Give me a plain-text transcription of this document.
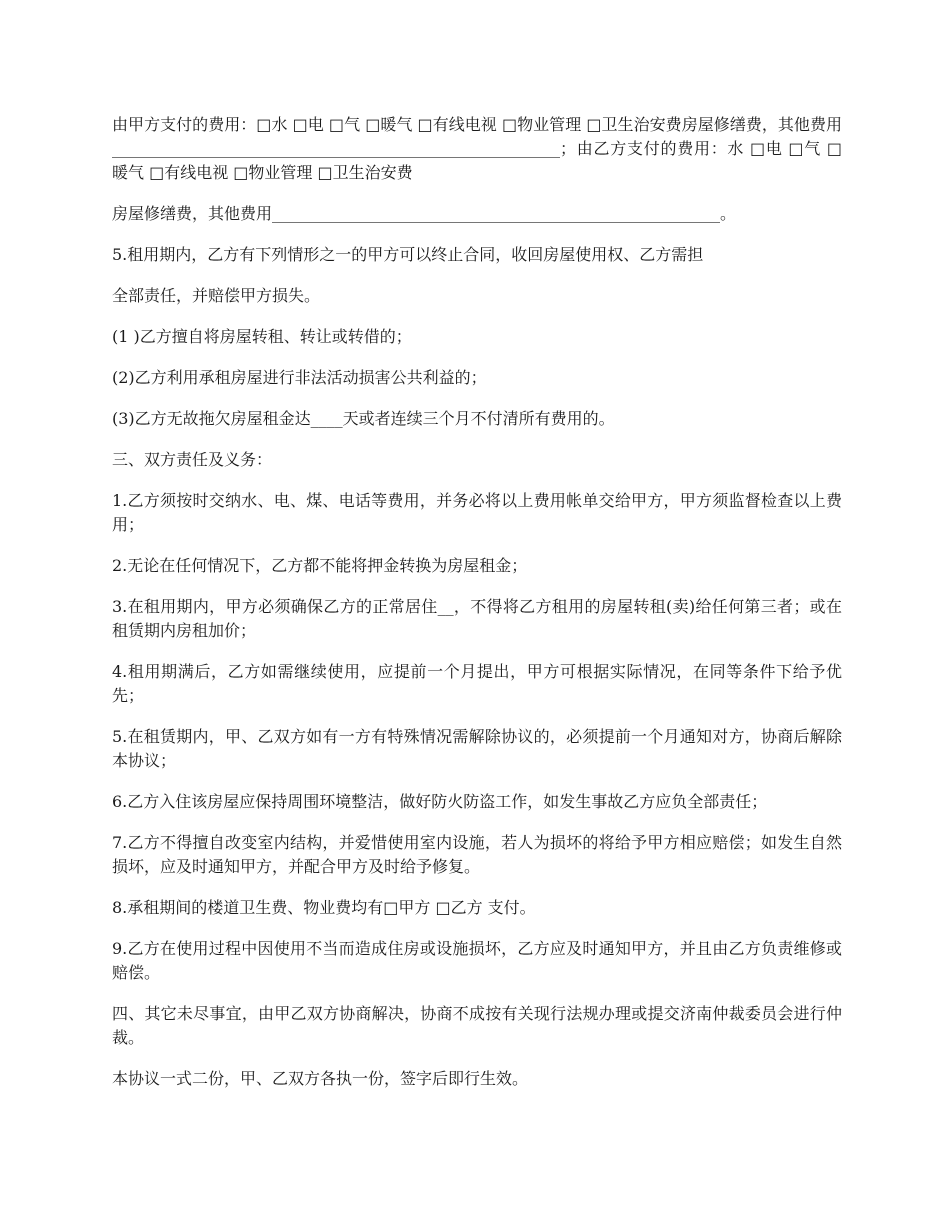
由甲方支付的费用：□水 □电 □气 □暖气 □有线电视 □物业管理 □卫生治安费房屋修缮费，其他费用________________________________________________________；由乙方支付的费用：水 □电 □气 □暖气 □有线电视 □物业管理 □卫生治安费

房屋修缮费，其他费用________________________________________________________。

5.租用期内，乙方有下列情形之一的甲方可以终止合同，收回房屋使用权、乙方需担

全部责任，并赔偿甲方损失。

(1 )乙方擅自将房屋转租、转让或转借的；

(2)乙方利用承租房屋进行非法活动损害公共利益的；

(3)乙方无故拖欠房屋租金达____天或者连续三个月不付清所有费用的。

三、双方责任及义务：

1.乙方须按时交纳水、电、煤、电话等费用，并务必将以上费用帐单交给甲方，甲方须监督检查以上费用；

2.无论在任何情况下，乙方都不能将押金转换为房屋租金；

3.在租用期内，甲方必须确保乙方的正常居住__，不得将乙方租用的房屋转租(卖)给任何第三者；或在租赁期内房租加价；

4.租用期满后，乙方如需继续使用，应提前一个月提出，甲方可根据实际情况，在同等条件下给予优先；

5.在租赁期内，甲、乙双方如有一方有特殊情况需解除协议的，必须提前一个月通知对方，协商后解除本协议；

6.乙方入住该房屋应保持周围环境整洁，做好防火防盗工作，如发生事故乙方应负全部责任；

7.乙方不得擅自改变室内结构，并爱惜使用室内设施，若人为损坏的将给予甲方相应赔偿；如发生自然损坏，应及时通知甲方，并配合甲方及时给予修复。

8.承租期间的楼道卫生费、物业费均有□甲方 □乙方 支付。

9.乙方在使用过程中因使用不当而造成住房或设施损坏，乙方应及时通知甲方，并且由乙方负责维修或赔偿。

四、其它未尽事宜，由甲乙双方协商解决，协商不成按有关现行法规办理或提交济南仲裁委员会进行仲裁。

本协议一式二份，甲、乙双方各执一份，签字后即行生效。
